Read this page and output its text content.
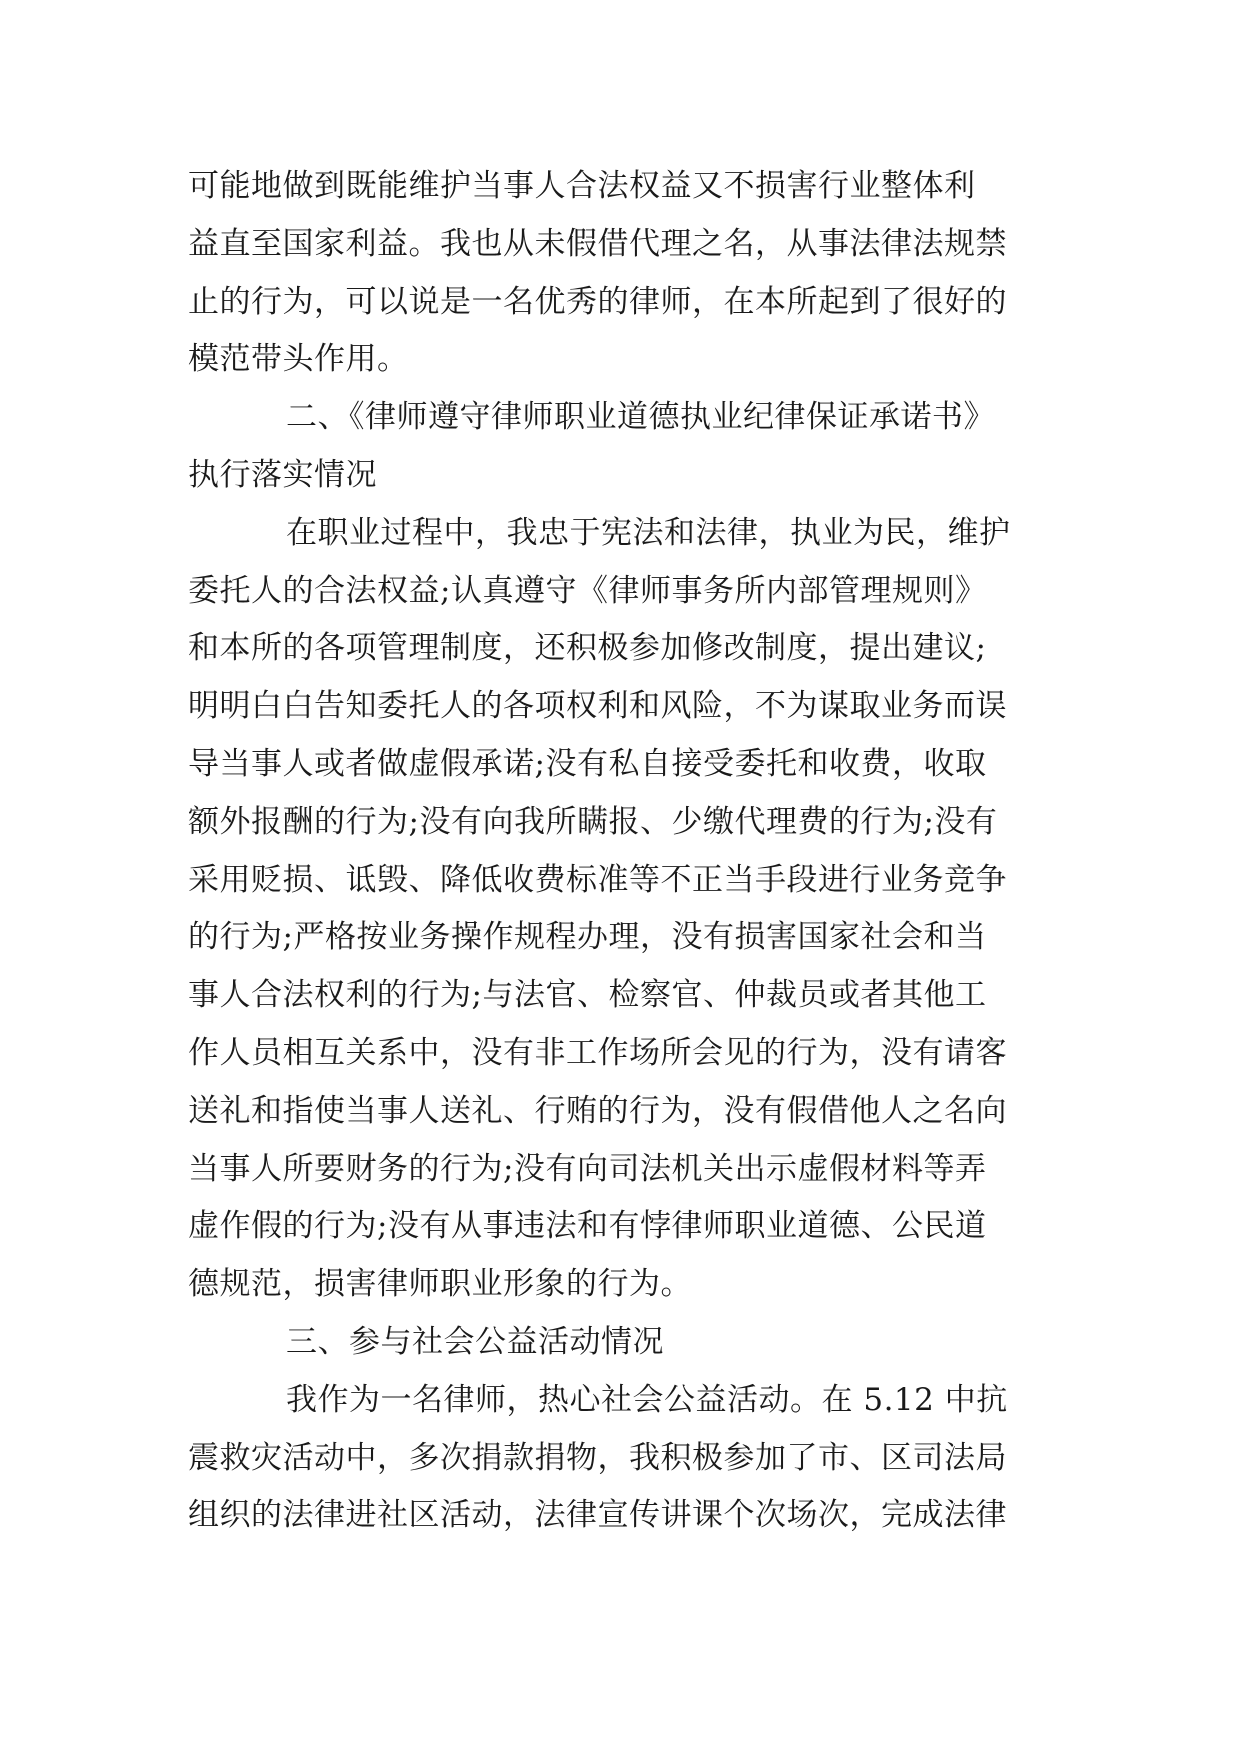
可能地做到既能维护当事人合法权益又不损害行业整体利
益直至国家利益。我也从未假借代理之名，从事法律法规禁
止的行为，可以说是一名优秀的律师，在本所起到了很好的
模范带头作用。

二、《律师遵守律师职业道德执业纪律保证承诺书》
执行落实情况

在职业过程中，我忠于宪法和法律，执业为民，维护
委托人的合法权益;认真遵守《律师事务所内部管理规则》
和本所的各项管理制度，还积极参加修改制度，提出建议;
明明白白告知委托人的各项权利和风险，不为谋取业务而误
导当事人或者做虚假承诺;没有私自接受委托和收费，收取
额外报酬的行为;没有向我所瞒报、少缴代理费的行为;没有
采用贬损、诋毁、降低收费标准等不正当手段进行业务竞争
的行为;严格按业务操作规程办理，没有损害国家社会和当
事人合法权利的行为;与法官、检察官、仲裁员或者其他工
作人员相互关系中，没有非工作场所会见的行为，没有请客
送礼和指使当事人送礼、行贿的行为，没有假借他人之名向
当事人所要财务的行为;没有向司法机关出示虚假材料等弄
虚作假的行为;没有从事违法和有悖律师职业道德、公民道
德规范，损害律师职业形象的行为。

三、参与社会公益活动情况

我作为一名律师，热心社会公益活动。在 5.12 中抗
震救灾活动中，多次捐款捐物，我积极参加了市、区司法局
组织的法律进社区活动，法律宣传讲课个次场次，完成法律
